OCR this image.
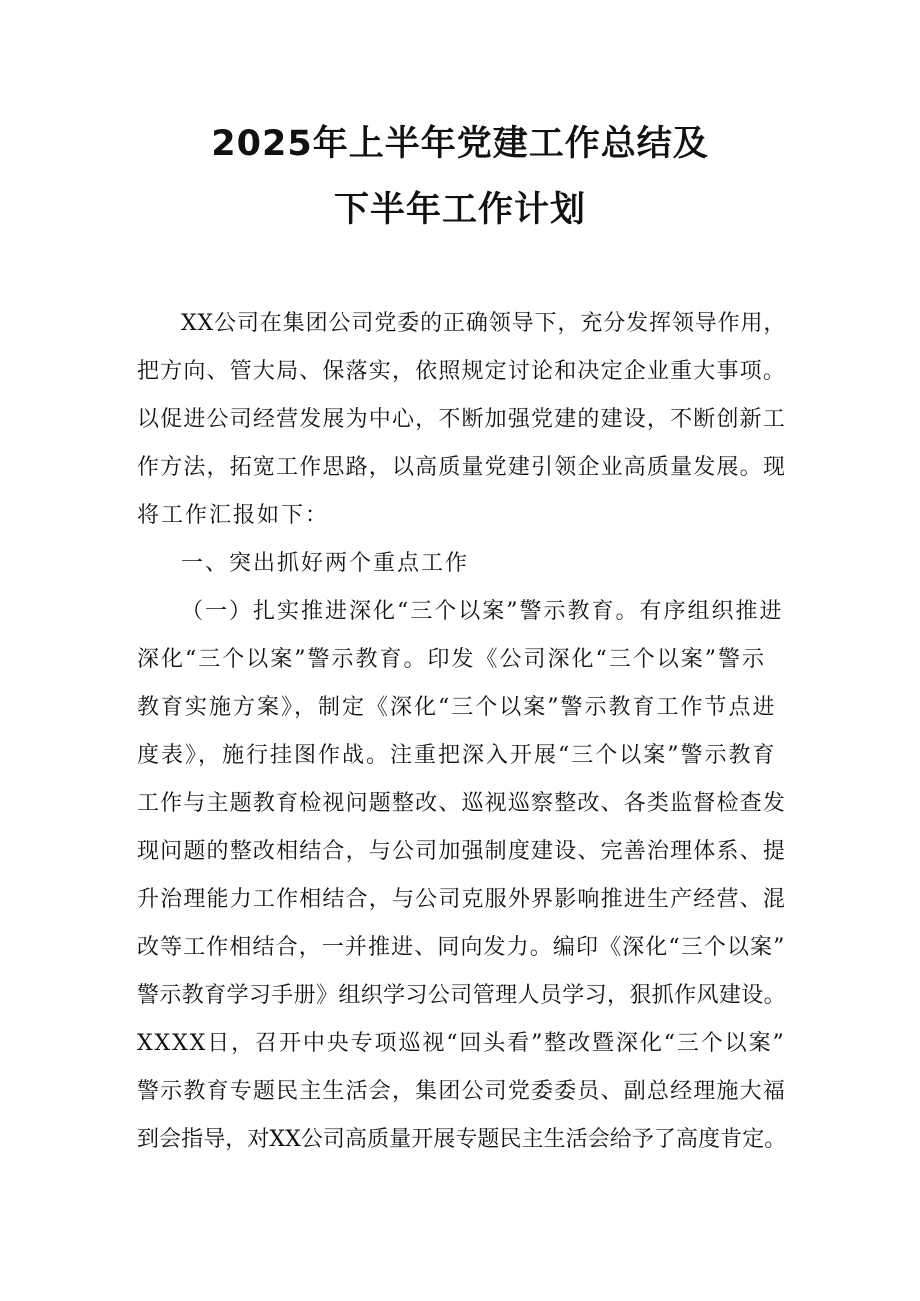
2025年上半年党建工作总结及
下半年工作计划

XX公司在集团公司党委的正确领导下，充分发挥领导作用，

把方向、管大局、保落实，依照规定讨论和决定企业重大事项。

以促进公司经营发展为中心，不断加强党建的建设，不断创新工

作方法，拓宽工作思路，以高质量党建引领企业高质量发展。现

将工作汇报如下：

一、突出抓好两个重点工作

（一）扎实推进深化“三个以案”警示教育。有序组织推进

深化“三个以案”警示教育。印发《公司深化“三个以案”警示

教育实施方案》，制定《深化“三个以案”警示教育工作节点进

度表》，施行挂图作战。注重把深入开展“三个以案”警示教育

工作与主题教育检视问题整改、巡视巡察整改、各类监督检查发

现问题的整改相结合，与公司加强制度建设、完善治理体系、提

升治理能力工作相结合，与公司克服外界影响推进生产经营、混

改等工作相结合，一并推进、同向发力。编印《深化“三个以案”

警示教育学习手册》组织学习公司管理人员学习，狠抓作风建设。

XXXX日，召开中央专项巡视“回头看”整改暨深化“三个以案”

警示教育专题民主生活会，集团公司党委委员、副总经理施大福

到会指导，对XX公司高质量开展专题民主生活会给予了高度肯定。
